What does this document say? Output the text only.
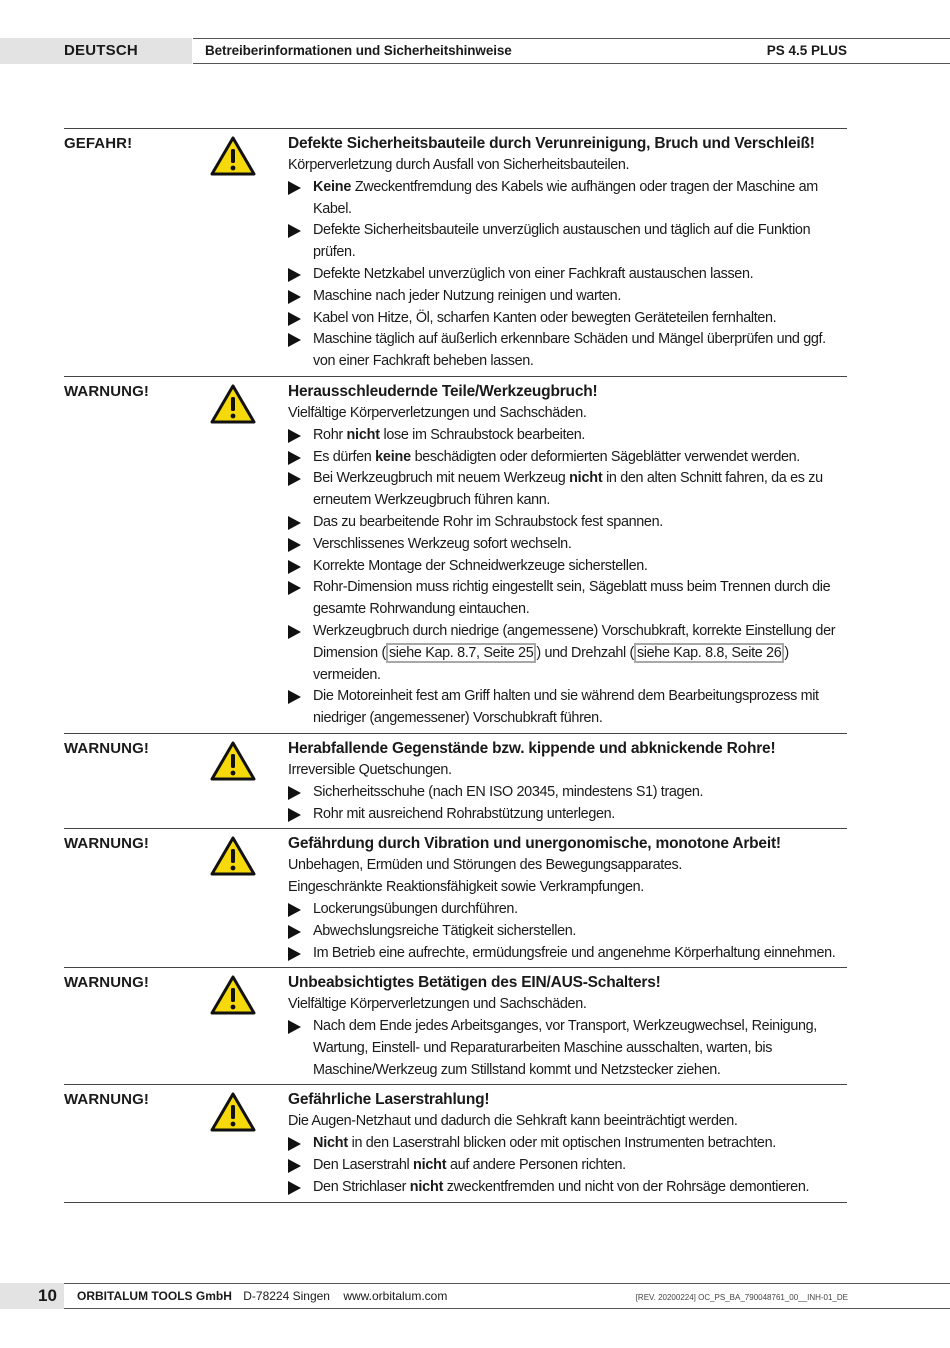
DEUTSCH	Betreiberinformationen und Sicherheitshinweise	PS 4.5 PLUS
GEFAHR!	Defekte Sicherheitsbauteile durch Verunreinigung, Bruch und Verschleiß!
Körperverletzung durch Ausfall von Sicherheitsbauteilen.
Keine Zweckentfremdung des Kabels wie aufhängen oder tragen der Maschine am Kabel.
Defekte Sicherheitsbauteile unverzüglich austauschen und täglich auf die Funktion prüfen.
Defekte Netzkabel unverzüglich von einer Fachkraft austauschen lassen.
Maschine nach jeder Nutzung reinigen und warten.
Kabel von Hitze, Öl, scharfen Kanten oder bewegten Geräteteilen fernhalten.
Maschine täglich auf äußerlich erkennbare Schäden und Mängel überprüfen und ggf. von einer Fachkraft beheben lassen.
WARNUNG!	Herausschleudernde Teile/Werkzeugbruch!
Vielfältige Körperverletzungen und Sachschäden.
Rohr nicht lose im Schraubstock bearbeiten.
Es dürfen keine beschädigten oder deformierten Sägeblätter verwendet werden.
Bei Werkzeugbruch mit neuem Werkzeug nicht in den alten Schnitt fahren, da es zu erneutem Werkzeugbruch führen kann.
Das zu bearbeitende Rohr im Schraubstock fest spannen.
Verschlissenes Werkzeug sofort wechseln.
Korrekte Montage der Schneidwerkzeuge sicherstellen.
Rohr-Dimension muss richtig eingestellt sein, Sägeblatt muss beim Trennen durch die gesamte Rohrwandung eintauchen.
Werkzeugbruch durch niedrige (angemessene) Vorschubkraft, korrekte Einstellung der Dimension ( siehe Kap. 8.7, Seite 25 ) und Drehzahl ( siehe Kap. 8.8, Seite 26 ) vermeiden.
Die Motoreinheit fest am Griff halten und sie während dem Bearbeitungsprozess mit niedriger (angemessener) Vorschubkraft führen.
WARNUNG!	Herabfallende Gegenstände bzw. kippende und abknickende Rohre!
Irreversible Quetschungen.
Sicherheitsschuhe (nach EN ISO 20345, mindestens S1) tragen.
Rohr mit ausreichend Rohrabstützung unterlegen.
WARNUNG!	Gefährdung durch Vibration und unergonomische, monotone Arbeit!
Unbehagen, Ermüden und Störungen des Bewegungsapparates.
Eingeschränkte Reaktionsfähigkeit sowie Verkrampfungen.
Lockerungsübungen durchführen.
Abwechslungsreiche Tätigkeit sicherstellen.
Im Betrieb eine aufrechte, ermüdungsfreie und angenehme Körperhaltung einnehmen.
WARNUNG!	Unbeabsichtigtes Betätigen des EIN/AUS-Schalters!
Vielfältige Körperverletzungen und Sachschäden.
Nach dem Ende jedes Arbeitsganges, vor Transport, Werkzeugwechsel, Reinigung, Wartung, Einstell- und Reparaturarbeiten Maschine ausschalten, warten, bis Maschine/Werkzeug zum Stillstand kommt und Netzstecker ziehen.
WARNUNG!	Gefährliche Laserstrahlung!
Die Augen-Netzhaut und dadurch die Sehkraft kann beeinträchtigt werden.
Nicht in den Laserstrahl blicken oder mit optischen Instrumenten betrachten.
Den Laserstrahl nicht auf andere Personen richten.
Den Strichlaser nicht zweckentfremden und nicht von der Rohrsäge demontieren.
10 ORBITALUM TOOLS GmbH D-78224 Singen www.orbitalum.com	[REV. 20200224] OC_PS_BA_790048761_00__INH-01_DE
